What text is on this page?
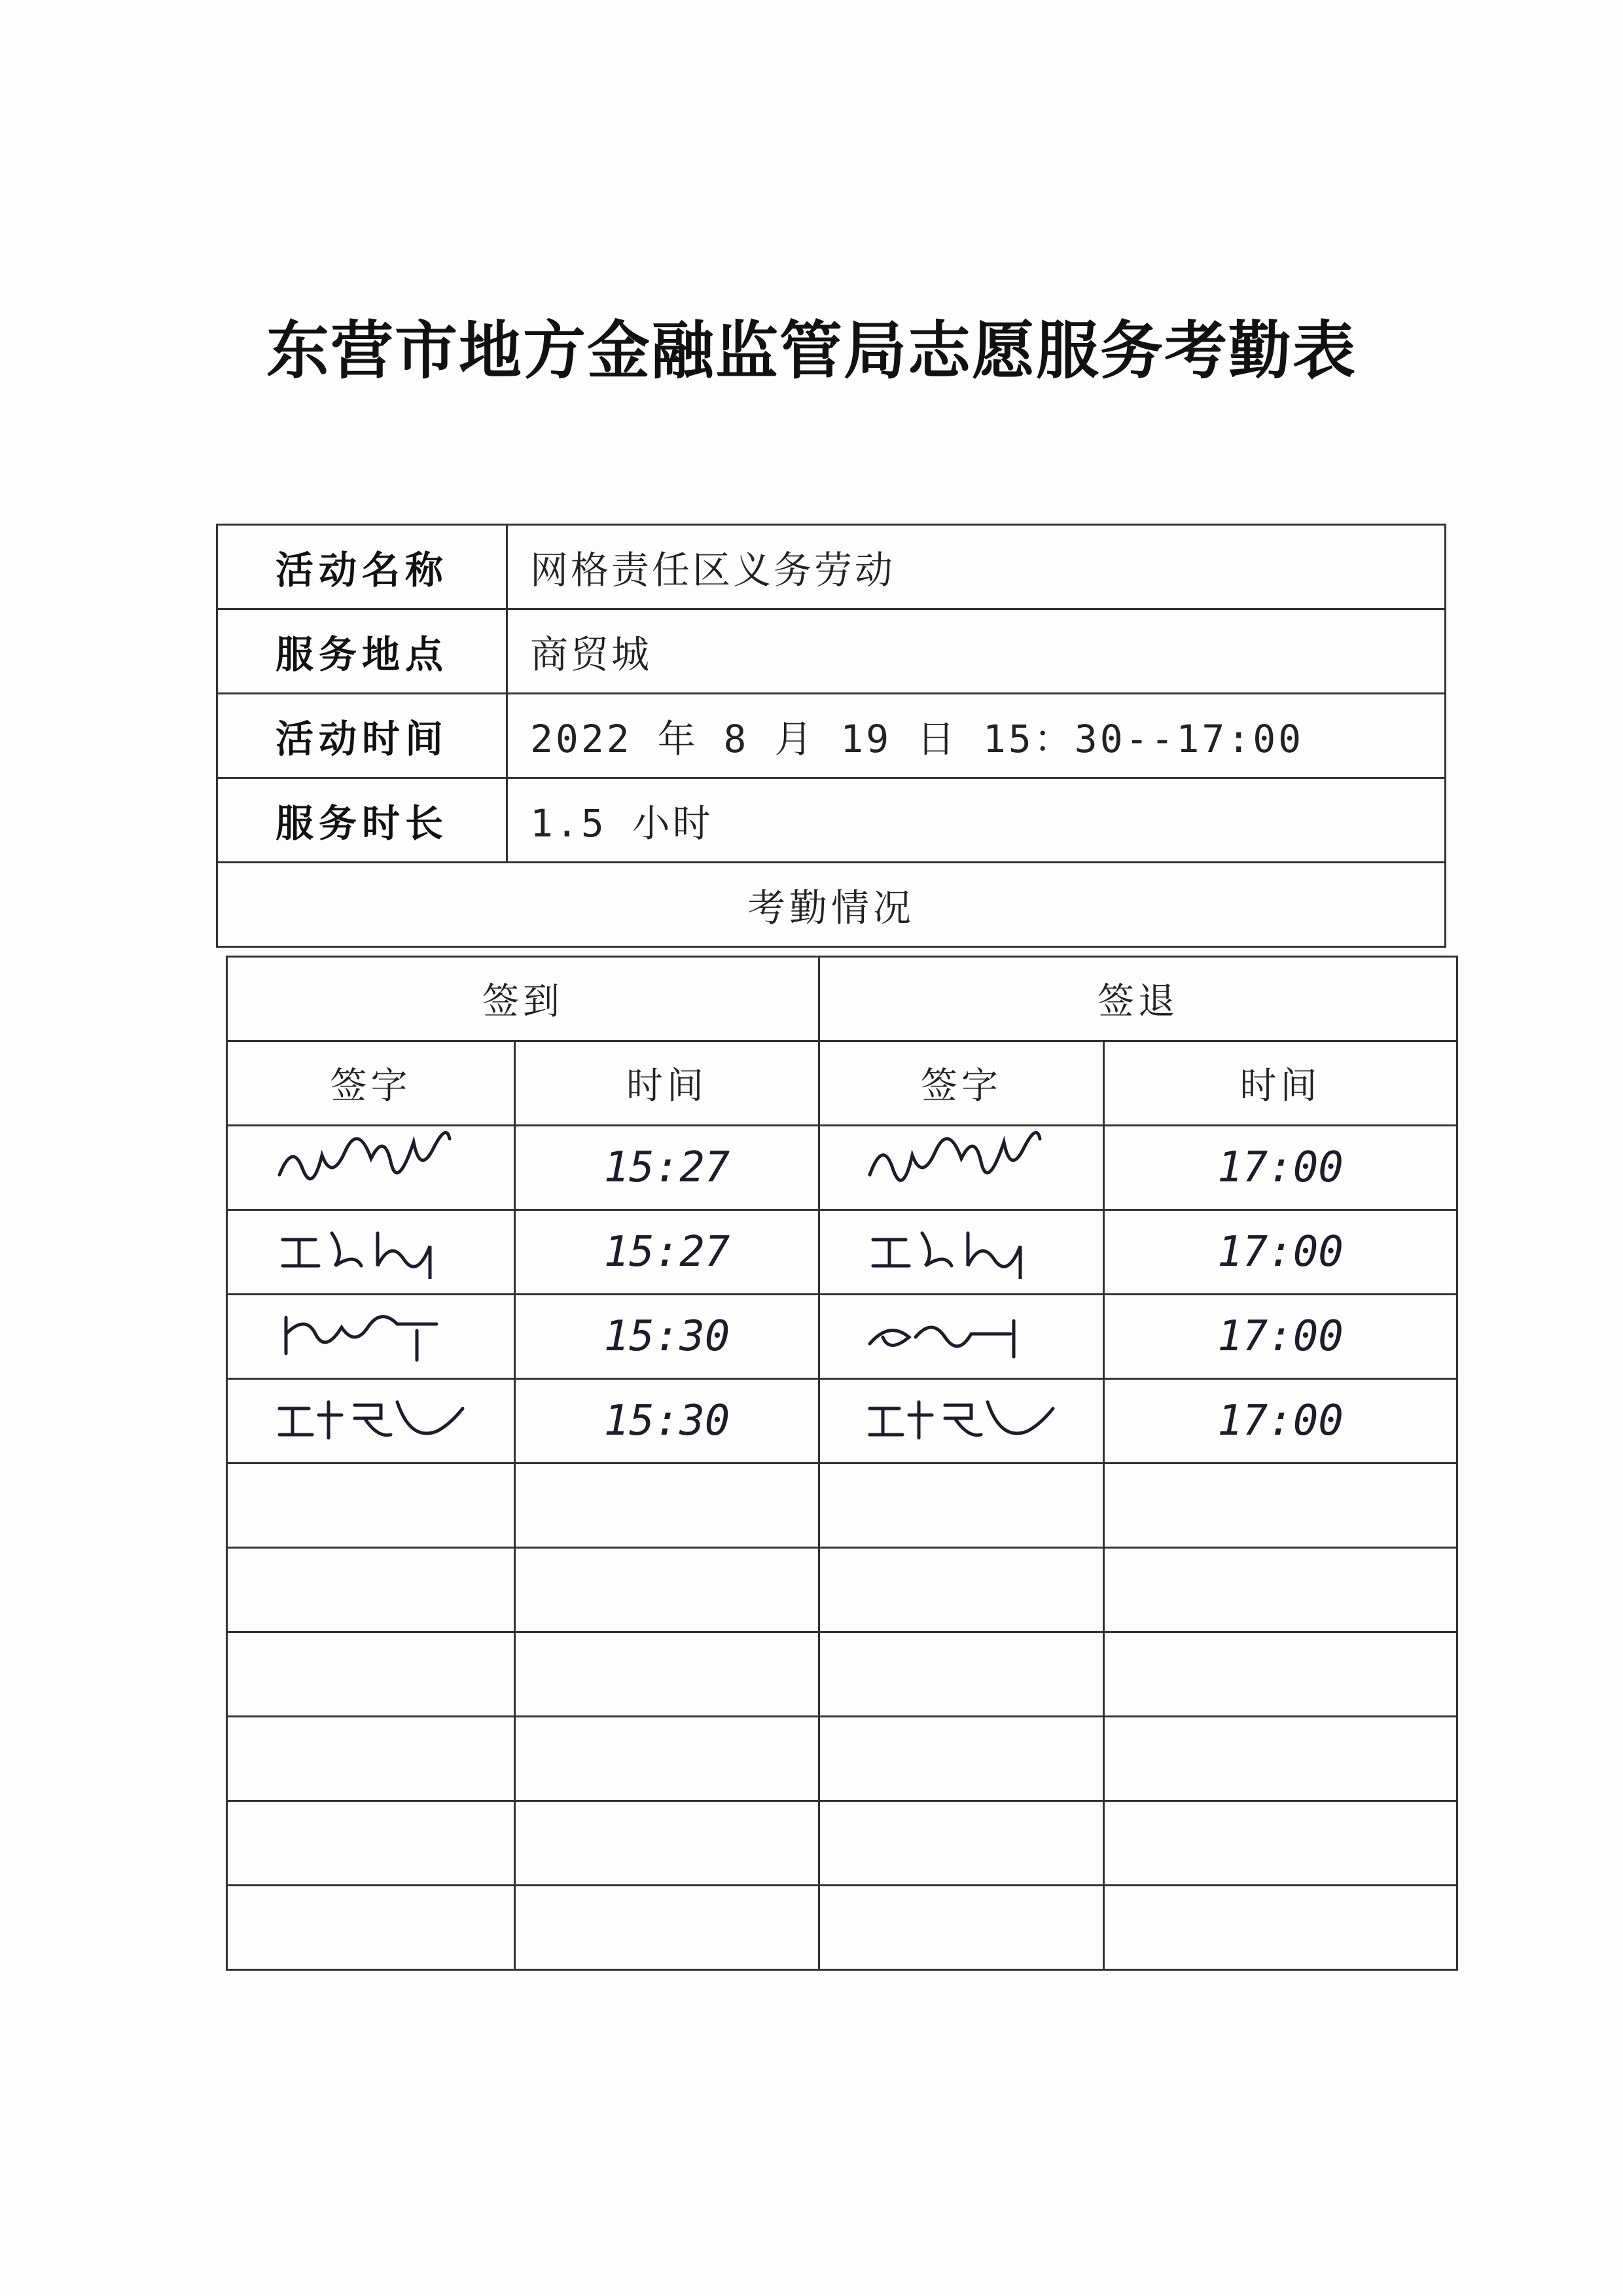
东营市地方金融监管局志愿服务考勤表
活动名称	网格责任区义务劳动
服务地点	商贸城
活动时间	2022 年 8 月 19 日 15：30--17:00
服务时长	1.5 小时
考勤情况	
签到		签退	
签字	时间	签字	时间
	15:27		17:00
	15:27		17:00
	15:30		17:00
	15:30		17:00
